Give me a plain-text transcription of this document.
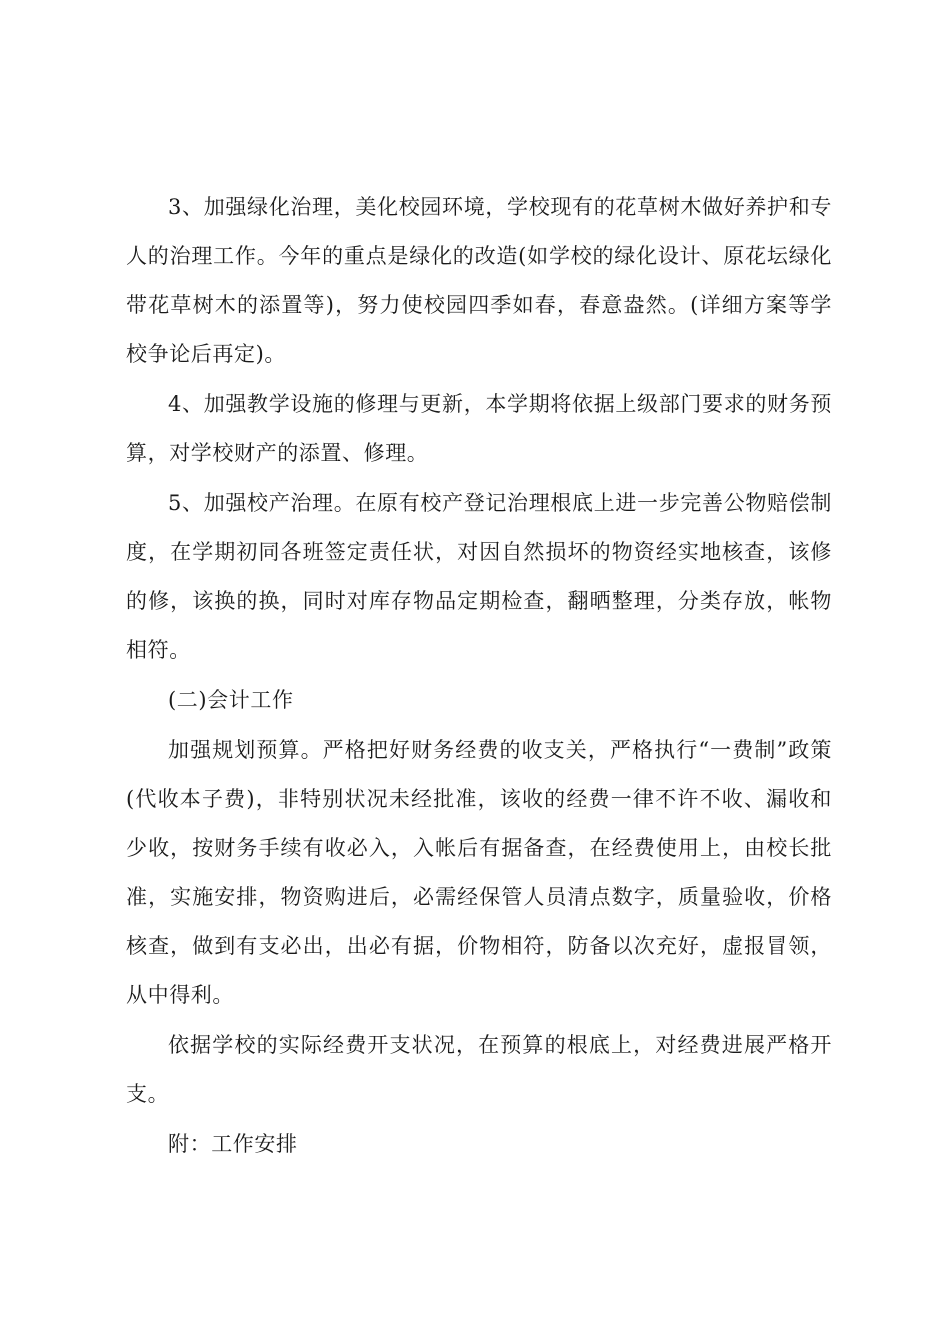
3、加强绿化治理，美化校园环境，学校现有的花草树木做好养护和专人的治理工作。今年的重点是绿化的改造(如学校的绿化设计、原花坛绿化带花草树木的添置等)，努力使校园四季如春，春意盎然。(详细方案等学校争论后再定)。

4、加强教学设施的修理与更新，本学期将依据上级部门要求的财务预算，对学校财产的添置、修理。

5、加强校产治理。在原有校产登记治理根底上进一步完善公物赔偿制度，在学期初同各班签定责任状，对因自然损坏的物资经实地核查，该修的修，该换的换，同时对库存物品定期检查，翻晒整理，分类存放，帐物相符。

(二)会计工作

加强规划预算。严格把好财务经费的收支关，严格执行“一费制”政策(代收本子费)，非特别状况未经批准，该收的经费一律不许不收、漏收和少收，按财务手续有收必入，入帐后有据备查，在经费使用上，由校长批准，实施安排，物资购进后，必需经保管人员清点数字，质量验收，价格核查，做到有支必出，出必有据，价物相符，防备以次充好，虚报冒领，从中得利。

依据学校的实际经费开支状况，在预算的根底上，对经费进展严格开支。

附：工作安排
